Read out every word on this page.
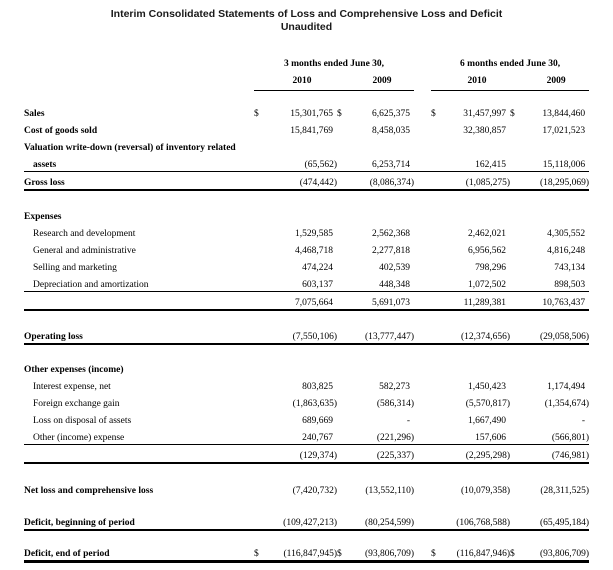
Interim Consolidated Statements of Loss and Comprehensive Loss and Deficit
Unaudited
	3 months ended June 30,					6 months ended June 30,			
		2010		2009			2010		2009

Sales	$	15,301,765	$	6,625,375		$	31,457,997	$	13,844,460
Cost of goods sold		15,841,769		8,458,035			32,380,857		17,021,523
Valuation write-down (reversal) of inventory related									
assets		(65,562)		6,253,714			162,415		15,118,006
Gross loss		(474,442)		(8,086,374)			(1,085,275)		(18,295,069)

Expenses									
Research and development		1,529,585		2,562,368			2,462,021		4,305,552
General and administrative		4,468,718		2,277,818			6,956,562		4,816,248
Selling and marketing		474,224		402,539			798,296		743,134
Depreciation and amortization		603,137		448,348			1,072,502		898,503
		7,075,664		5,691,073			11,289,381		10,763,437

Operating loss		(7,550,106)		(13,777,447)			(12,374,656)		(29,058,506)

Other expenses (income)									
Interest expense, net		803,825		582,273			1,450,423		1,174,494
Foreign exchange gain		(1,863,635)		(586,314)			(5,570,817)		(1,354,674)
Loss on disposal of assets		689,669		-			1,667,490		-
Other (income) expense		240,767		(221,296)			157,606		(566,801)
		(129,374)		(225,337)			(2,295,298)		(746,981)

Net loss and comprehensive loss		(7,420,732)		(13,552,110)			(10,079,358)		(28,311,525)

Deficit, beginning of period		(109,427,213)		(80,254,599)			(106,768,588)		(65,495,184)

Deficit, end of period	$	(116,847,945)	$	(93,806,709)		$	(116,847,946)	$	(93,806,709)
